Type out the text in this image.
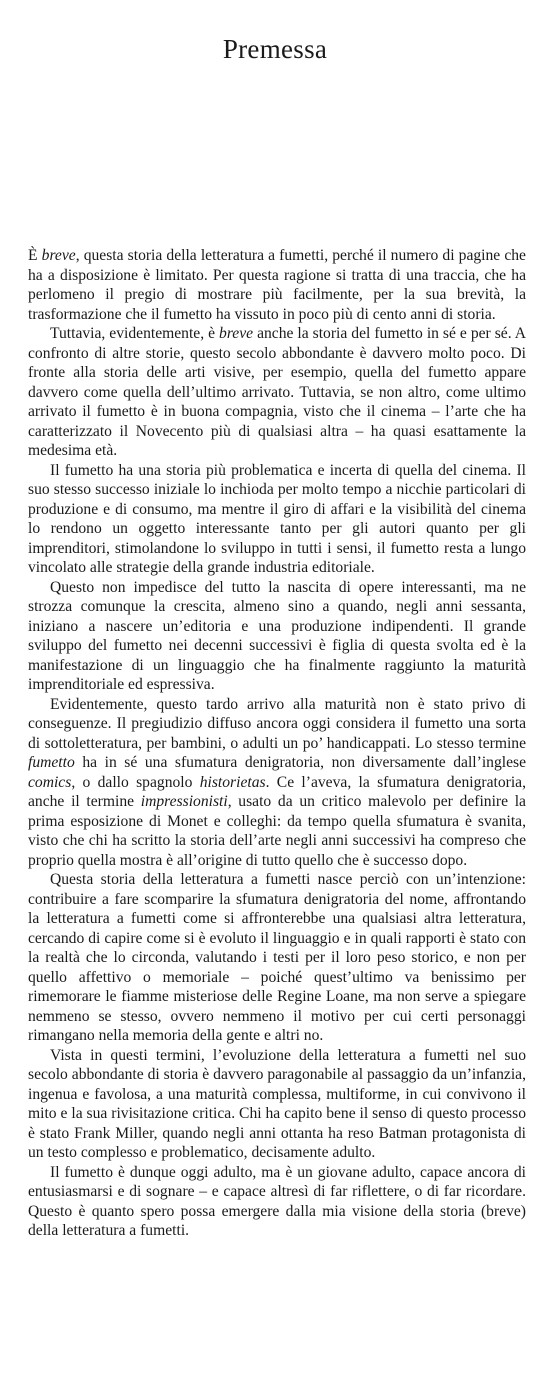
Premessa

È breve, questa storia della letteratura a fumetti, perché il numero di pagine che ha a disposizione è limitato. Per questa ragione si tratta di una traccia, che ha perlomeno il pregio di mostrare più facilmente, per la sua brevità, la trasformazione che il fumetto ha vissuto in poco più di cento anni di storia.

Tuttavia, evidentemente, è breve anche la storia del fumetto in sé e per sé. A confronto di altre storie, questo secolo abbondante è davvero molto poco. Di fronte alla storia delle arti visive, per esempio, quella del fumetto appare davvero come quella dell’ultimo arrivato. Tuttavia, se non altro, come ultimo arrivato il fumetto è in buona compagnia, visto che il cinema – l’arte che ha caratterizzato il Novecento più di qualsiasi altra – ha quasi esattamente la medesima età.

Il fumetto ha una storia più problematica e incerta di quella del cinema. Il suo stesso successo iniziale lo inchioda per molto tempo a nicchie particolari di produzione e di consumo, ma mentre il giro di affari e la visibilità del cinema lo rendono un oggetto interessante tanto per gli autori quanto per gli imprenditori, stimolandone lo sviluppo in tutti i sensi, il fumetto resta a lungo vincolato alle strategie della grande industria editoriale.

Questo non impedisce del tutto la nascita di opere interessanti, ma ne strozza comunque la crescita, almeno sino a quando, negli anni sessanta, iniziano a nascere un’editoria e una produzione indipendenti. Il grande sviluppo del fumetto nei decenni successivi è figlia di questa svolta ed è la manifestazione di un linguaggio che ha finalmente raggiunto la maturità imprenditoriale ed espressiva.

Evidentemente, questo tardo arrivo alla maturità non è stato privo di conseguenze. Il pregiudizio diffuso ancora oggi considera il fumetto una sorta di sottoletteratura, per bambini, o adulti un po’ handicappati. Lo stesso termine fumetto ha in sé una sfumatura denigratoria, non diversamente dall’inglese comics, o dallo spagnolo historietas. Ce l’aveva, la sfumatura denigratoria, anche il termine impressionisti, usato da un critico malevolo per definire la prima esposizione di Monet e colleghi: da tempo quella sfumatura è svanita, visto che chi ha scritto la storia dell’arte negli anni successivi ha compreso che proprio quella mostra è all’origine di tutto quello che è successo dopo.

Questa storia della letteratura a fumetti nasce perciò con un’intenzione: contribuire a fare scomparire la sfumatura denigratoria del nome, affrontando la letteratura a fumetti come si affronterebbe una qualsiasi altra letteratura, cercando di capire come si è evoluto il linguaggio e in quali rapporti è stato con la realtà che lo circonda, valutando i testi per il loro peso storico, e non per quello affettivo o memoriale – poiché quest’ultimo va benissimo per rimemorare le fiamme misteriose delle Regine Loane, ma non serve a spiegare nemmeno se stesso, ovvero nemmeno il motivo per cui certi personaggi rimangano nella memoria della gente e altri no.

Vista in questi termini, l’evoluzione della letteratura a fumetti nel suo secolo abbondante di storia è davvero paragonabile al passaggio da un’infanzia, ingenua e favolosa, a una maturità complessa, multiforme, in cui convivono il mito e la sua rivisitazione critica. Chi ha capito bene il senso di questo processo è stato Frank Miller, quando negli anni ottanta ha reso Batman protagonista di un testo complesso e problematico, decisamente adulto.

Il fumetto è dunque oggi adulto, ma è un giovane adulto, capace ancora di entusiasmarsi e di sognare – e capace altresì di far riflettere, o di far ricordare. Questo è quanto spero possa emergere dalla mia visione della storia (breve) della letteratura a fumetti.
